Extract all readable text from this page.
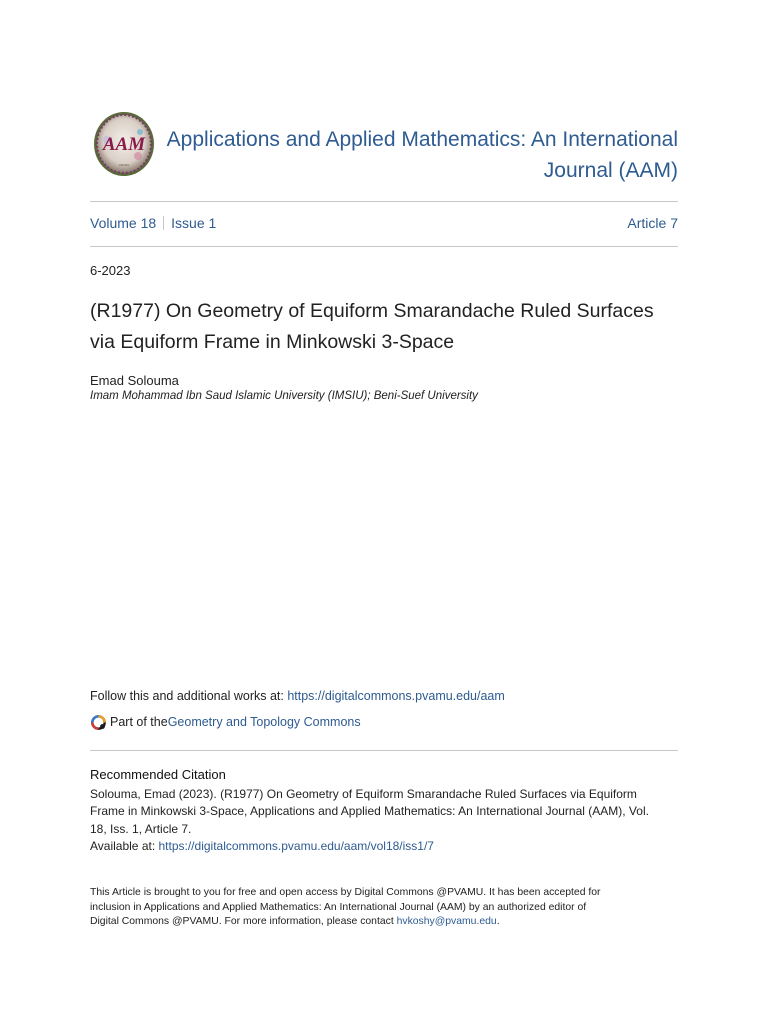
AAM
•••••••
Applications and Applied Mathematics: An International
Journal (AAM)
Volume 18 Issue 1	Article 7
6-2023
(R1977) On Geometry of Equiform Smarandache Ruled Surfaces
via Equiform Frame in Minkowski 3-Space
Emad Solouma
Imam Mohammad Ibn Saud Islamic University (IMSIU); Beni-Suef University
Follow this and additional works at: https://digitalcommons.pvamu.edu/aam
Part of the Geometry and Topology Commons
Recommended Citation
Solouma, Emad (2023). (R1977) On Geometry of Equiform Smarandache Ruled Surfaces via Equiform
Frame in Minkowski 3-Space, Applications and Applied Mathematics: An International Journal (AAM), Vol.
18, Iss. 1, Article 7.
Available at: https://digitalcommons.pvamu.edu/aam/vol18/iss1/7
This Article is brought to you for free and open access by Digital Commons @PVAMU. It has been accepted for
inclusion in Applications and Applied Mathematics: An International Journal (AAM) by an authorized editor of
Digital Commons @PVAMU. For more information, please contact hvkoshy@pvamu.edu.
